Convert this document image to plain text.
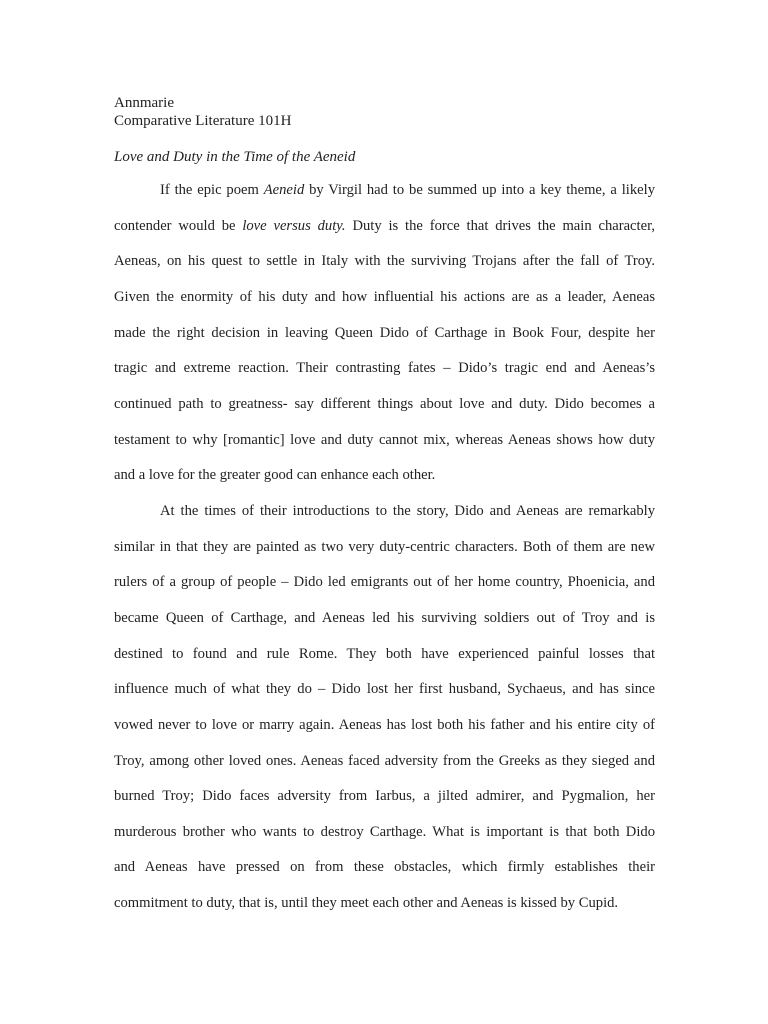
Annmarie
Comparative Literature 101H
Love and Duty in the Time of the Aeneid
If the epic poem Aeneid by Virgil had to be summed up into a key theme, a likely
contender would be love versus duty. Duty is the force that drives the main character,
Aeneas, on his quest to settle in Italy with the surviving Trojans after the fall of Troy.
Given the enormity of his duty and how influential his actions are as a leader, Aeneas
made the right decision in leaving Queen Dido of Carthage in Book Four, despite her
tragic and extreme reaction. Their contrasting fates – Dido’s tragic end and Aeneas’s
continued path to greatness- say different things about love and duty. Dido becomes a
testament to why [romantic] love and duty cannot mix, whereas Aeneas shows how duty
and a love for the greater good can enhance each other.
At the times of their introductions to the story, Dido and Aeneas are remarkably
similar in that they are painted as two very duty-centric characters. Both of them are new
rulers of a group of people – Dido led emigrants out of her home country, Phoenicia, and
became Queen of Carthage, and Aeneas led his surviving soldiers out of Troy and is
destined to found and rule Rome. They both have experienced painful losses that
influence much of what they do – Dido lost her first husband, Sychaeus, and has since
vowed never to love or marry again. Aeneas has lost both his father and his entire city of
Troy, among other loved ones. Aeneas faced adversity from the Greeks as they sieged and
burned Troy; Dido faces adversity from Iarbus, a jilted admirer, and Pygmalion, her
murderous brother who wants to destroy Carthage. What is important is that both Dido
and Aeneas have pressed on from these obstacles, which firmly establishes their
commitment to duty, that is, until they meet each other and Aeneas is kissed by Cupid.
